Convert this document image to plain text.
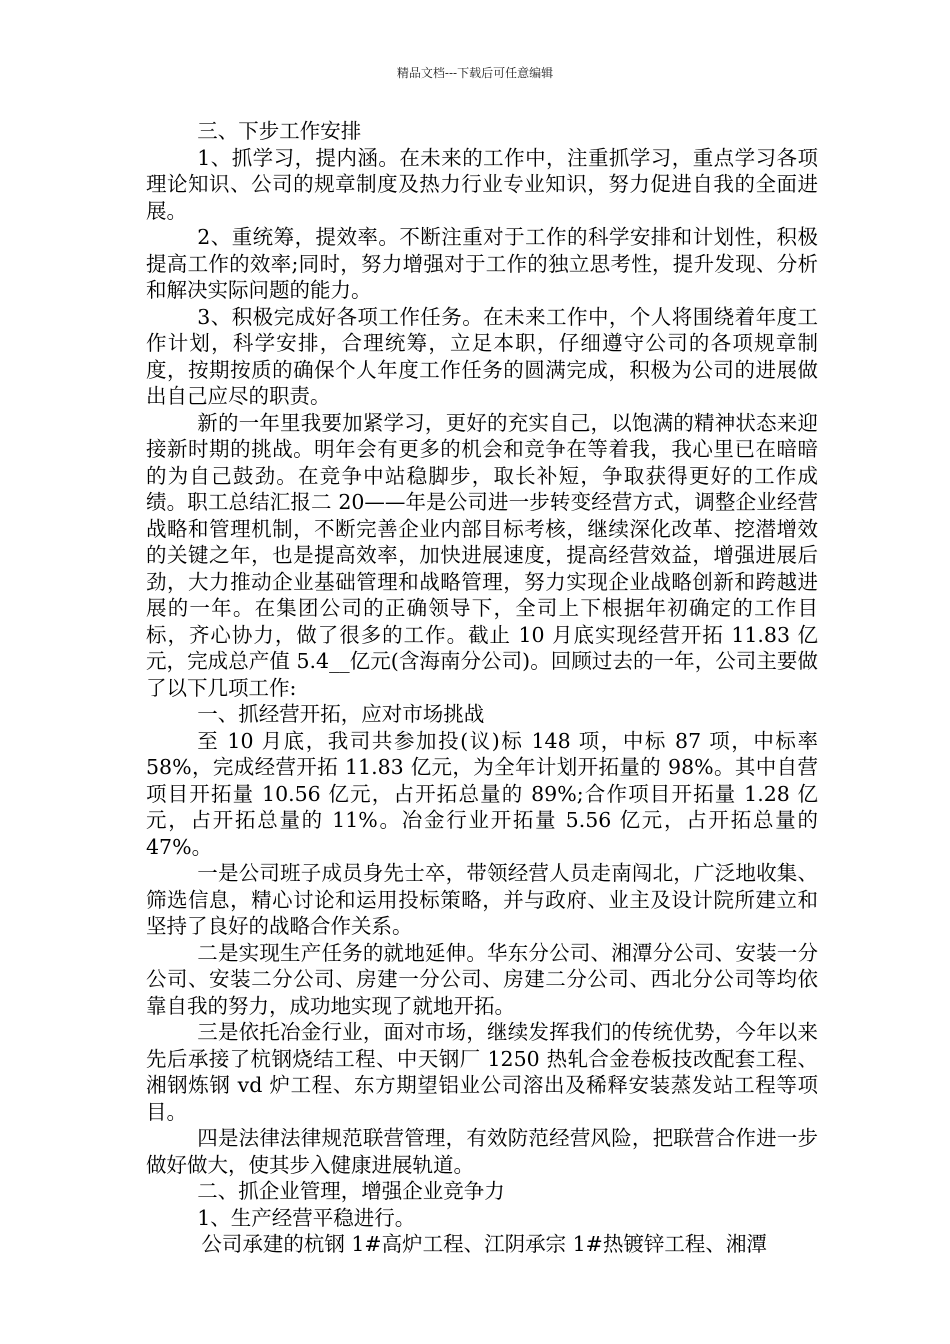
精品文档---下载后可任意编辑

三、下步工作安排

1、抓学习，提内涵。在未来的工作中，注重抓学习，重点学习各项理论知识、公司的规章制度及热力行业专业知识，努力促进自我的全面进展。

2、重统筹，提效率。不断注重对于工作的科学安排和计划性，积极提高工作的效率;同时，努力增强对于工作的独立思考性，提升发现、分析和解决实际问题的能力。

3、积极完成好各项工作任务。在未来工作中，个人将围绕着年度工作计划，科学安排，合理统筹，立足本职，仔细遵守公司的各项规章制度，按期按质的确保个人年度工作任务的圆满完成，积极为公司的进展做出自己应尽的职责。

新的一年里我要加紧学习，更好的充实自己，以饱满的精神状态来迎接新时期的挑战。明年会有更多的机会和竞争在等着我，我心里已在暗暗的为自己鼓劲。在竞争中站稳脚步，取长补短，争取获得更好的工作成绩。职工总结汇报二 20——年是公司进一步转变经营方式，调整企业经营战略和管理机制，不断完善企业内部目标考核，继续深化改革、挖潜增效的关键之年，也是提高效率，加快进展速度，提高经营效益，增强进展后劲，大力推动企业基础管理和战略管理，努力实现企业战略创新和跨越进展的一年。在集团公司的正确领导下，全司上下根据年初确定的工作目标，齐心协力，做了很多的工作。截止 10 月底实现经营开拓 11.83 亿元，完成总产值 5.4__亿元(含海南分公司)。回顾过去的一年，公司主要做了以下几项工作:

一、抓经营开拓，应对市场挑战

至 10 月底，我司共参加投(议)标 148 项，中标 87 项，中标率 58%，完成经营开拓 11.83 亿元，为全年计划开拓量的 98%。其中自营项目开拓量 10.56 亿元，占开拓总量的 89%;合作项目开拓量 1.28 亿元，占开拓总量的 11%。冶金行业开拓量 5.56 亿元，占开拓总量的 47%。

一是公司班子成员身先士卒，带领经营人员走南闯北，广泛地收集、筛选信息，精心讨论和运用投标策略，并与政府、业主及设计院所建立和坚持了良好的战略合作关系。

二是实现生产任务的就地延伸。华东分公司、湘潭分公司、安装一分公司、安装二分公司、房建一分公司、房建二分公司、西北分公司等均依靠自我的努力，成功地实现了就地开拓。

三是依托冶金行业，面对市场，继续发挥我们的传统优势，今年以来先后承接了杭钢烧结工程、中天钢厂 1250 热轧合金卷板技改配套工程、湘钢炼钢 vd 炉工程、东方期望铝业公司溶出及稀释安装蒸发站工程等项目。

四是法律法律规范联营管理，有效防范经营风险，把联营合作进一步做好做大，使其步入健康进展轨道。

二、抓企业管理，增强企业竞争力

1、生产经营平稳进行。

公司承建的杭钢 1#高炉工程、江阴承宗 1#热镀锌工程、湘潭
